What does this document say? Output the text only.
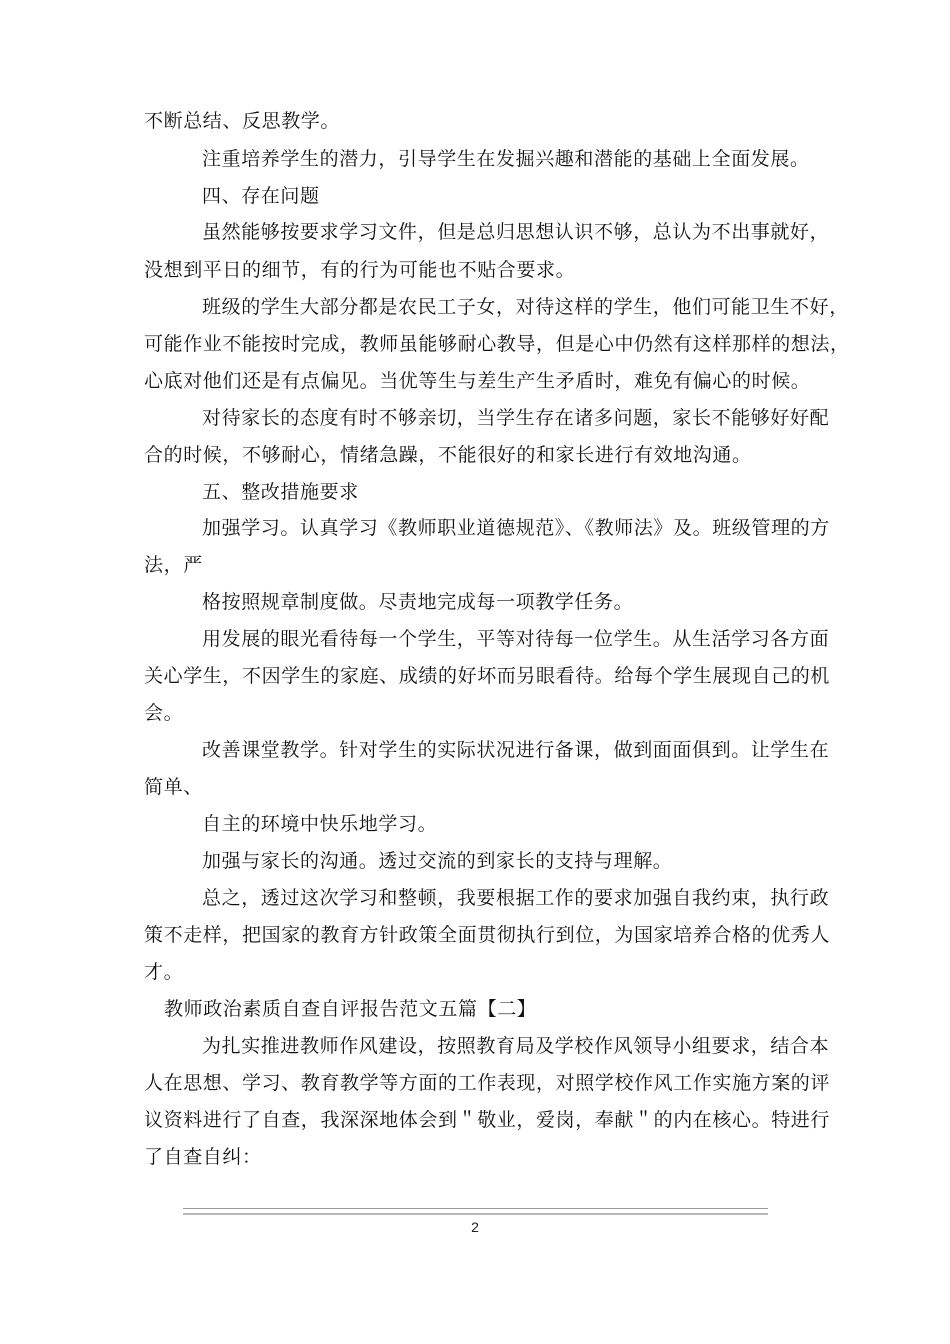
不断总结、反思教学。
注重培养学生的潜力，引导学生在发掘兴趣和潜能的基础上全面发展。
四、存在问题
虽然能够按要求学习文件，但是总归思想认识不够，总认为不出事就好，
没想到平日的细节，有的行为可能也不贴合要求。
班级的学生大部分都是农民工子女，对待这样的学生，他们可能卫生不好，
可能作业不能按时完成，教师虽能够耐心教导，但是心中仍然有这样那样的想法，
心底对他们还是有点偏见。当优等生与差生产生矛盾时，难免有偏心的时候。
对待家长的态度有时不够亲切，当学生存在诸多问题，家长不能够好好配
合的时候，不够耐心，情绪急躁，不能很好的和家长进行有效地沟通。
五、整改措施要求
加强学习。认真学习《教师职业道德规范》、《教师法》及。班级管理的方
法，严
格按照规章制度做。尽责地完成每一项教学任务。
用发展的眼光看待每一个学生，平等对待每一位学生。从生活学习各方面
关心学生，不因学生的家庭、成绩的好坏而另眼看待。给每个学生展现自己的机
会。
改善课堂教学。针对学生的实际状况进行备课，做到面面俱到。让学生在
简单、
自主的环境中快乐地学习。
加强与家长的沟通。透过交流的到家长的支持与理解。
总之，透过这次学习和整顿，我要根据工作的要求加强自我约束，执行政
策不走样，把国家的教育方针政策全面贯彻执行到位，为国家培养合格的优秀人
才。
教师政治素质自查自评报告范文五篇【二】
为扎实推进教师作风建设，按照教育局及学校作风领导小组要求，结合本
人在思想、学习、教育教学等方面的工作表现，对照学校作风工作实施方案的评
议资料进行了自查，我深深地体会到＂敬业，爱岗，奉献＂的内在核心。特进行
了自查自纠：
2
